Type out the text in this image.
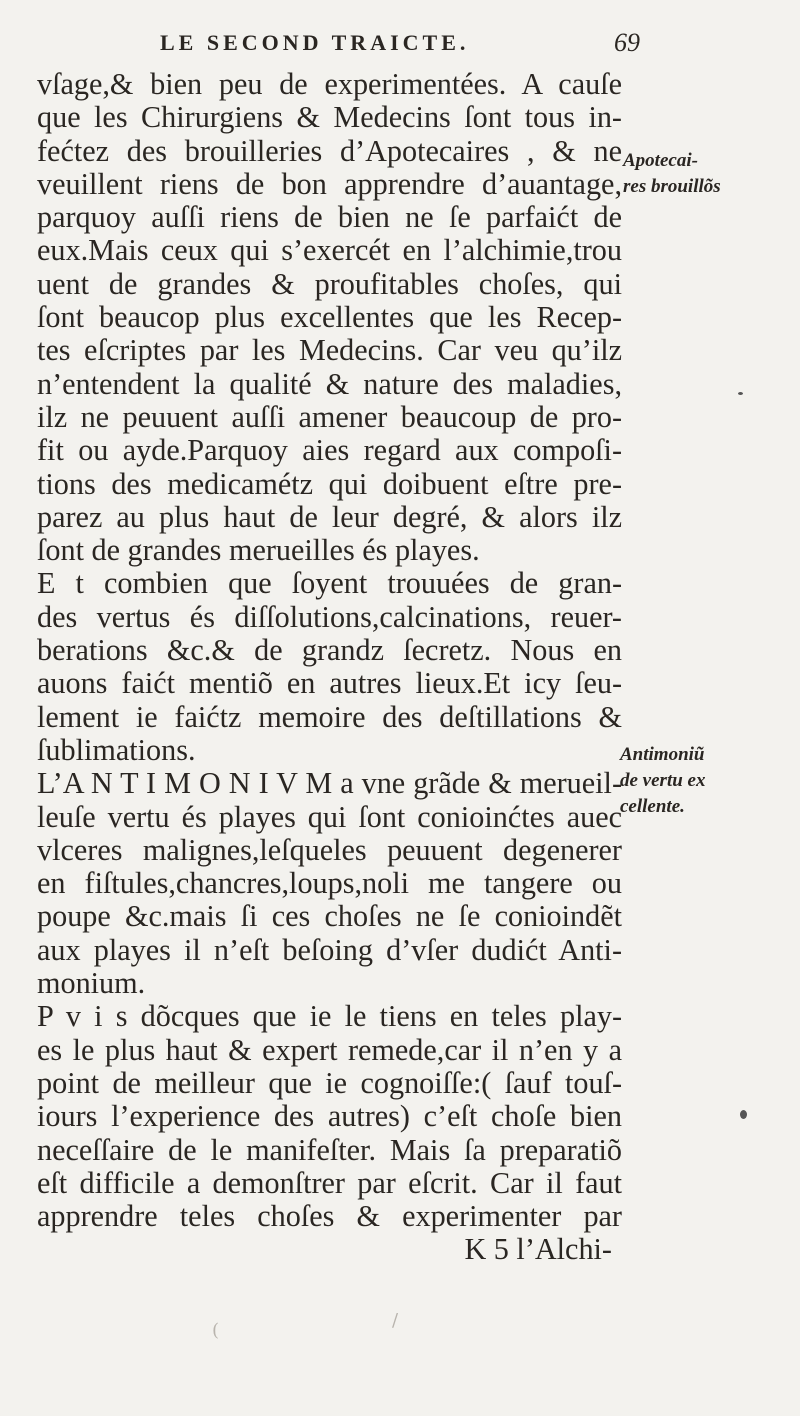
LE SECOND TRAICTE.	69
vſage,& bien peu de experimentées. A cauſe
que les Chirurgiens & Medecins ſont tous in-
fećtez des brouilleries d’Apotecaires , & ne
veuillent riens de bon apprendre d’auantage,
parquoy auſſi riens de bien ne ſe parfaićt de
eux.Mais ceux qui s’exercét en l’alchimie,trou
uent de grandes & proufitables choſes, qui
ſont beaucop plus excellentes que les Recep-
tes eſcriptes par les Medecins. Car veu qu’ilz
n’entendent la qualité & nature des maladies,
ilz ne peuuent auſſi amener beaucoup de pro-
fit ou ayde.Parquoy aies regard aux compoſi-
tions des medicamétz qui doibuent eſtre pre-
parez au plus haut de leur degré, & alors ilz
ſont de grandes merueilles és playes.
E t combien que ſoyent trouuées de gran-
des vertus és diſſolutions,calcinations, reuer-
berations &c.& de grandz ſecretz. Nous en
auons faićt mentiõ en autres lieux.Et icy ſeu-
lement ie faićtz memoire des deſtillations &
ſublimations.
L’A N T I M O N I V M a vne grãde & merueil-
leuſe vertu és playes qui ſont conioinćtes auec
vlceres malignes,leſqueles peuuent degenerer
en fiſtules,chancres,loups,noli me tangere ou
poupe &c.mais ſi ces choſes ne ſe conioindẽt
aux playes il n’eſt beſoing d’vſer dudićt Anti-
monium.
P v i s dõcques que ie le tiens en teles play-
es le plus haut & expert remede,car il n’en y a
point de meilleur que ie cognoiſſe:( ſauf touſ-
iours l’experience des autres) c’eſt choſe bien
neceſſaire de le manifeſter. Mais ſa preparatiõ
eſt difficile a demonſtrer par eſcrit. Car il faut
apprendre teles choſes & experimenter par
K 5 l’Alchi-
Apotecai-
res brouillõs
Antimoniũ
de vertu ex
cellente.
/
(
